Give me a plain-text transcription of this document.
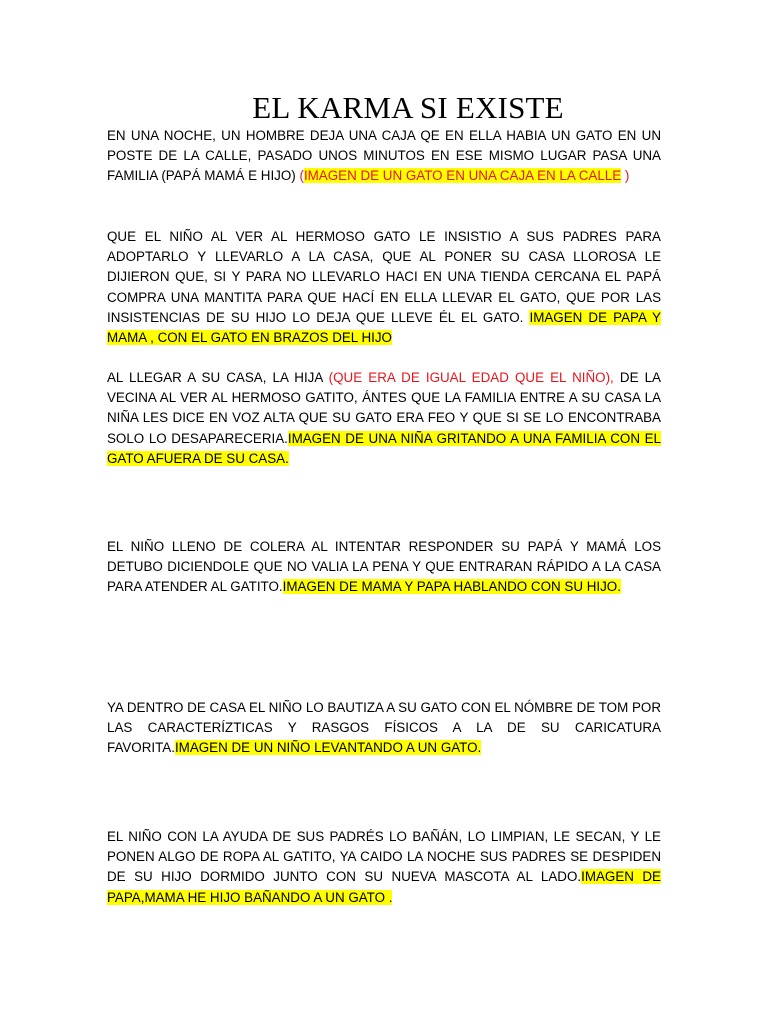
EL KARMA SI EXISTE

EN UNA NOCHE, UN HOMBRE DEJA UNA CAJA QE EN ELLA HABIA UN GATO EN UN POSTE DE LA CALLE, PASADO UNOS MINUTOS EN ESE MISMO LUGAR PASA UNA FAMILIA (PAPÁ MAMÁ E HIJO) (IMAGEN DE UN GATO EN UNA CAJA EN LA CALLE )

QUE EL NIÑO AL VER AL HERMOSO GATO LE INSISTIO A SUS PADRES PARA ADOPTARLO Y LLEVARLO A LA CASA, QUE AL PONER SU CASA LLOROSA LE DIJIERON QUE, SI Y PARA NO LLEVARLO HACI EN UNA TIENDA CERCANA EL PAPÁ COMPRA UNA MANTITA PARA QUE HACÍ EN ELLA LLEVAR EL GATO, QUE POR LAS INSISTENCIAS DE SU HIJO LO DEJA QUE LLEVE ÉL EL GATO. IMAGEN DE PAPA Y MAMA , CON EL GATO EN BRAZOS DEL HIJO

AL LLEGAR A SU CASA, LA HIJA (QUE ERA DE IGUAL EDAD QUE EL NIÑO), DE LA VECINA AL VER AL HERMOSO GATITO, ÁNTES QUE LA FAMILIA ENTRE A SU CASA LA NIÑA LES DICE EN VOZ ALTA QUE SU GATO ERA FEO Y QUE SI SE LO ENCONTRABA SOLO LO DESAPARECERIA.IMAGEN DE UNA NIÑA GRITANDO A UNA FAMILIA CON EL GATO AFUERA DE SU CASA.

EL NIÑO LLENO DE COLERA AL INTENTAR RESPONDER SU PAPÁ Y MAMÁ LOS DETUBO DICIENDOLE QUE NO VALIA LA PENA Y QUE ENTRARAN RÁPIDO A LA CASA PARA ATENDER AL GATITO.IMAGEN DE MAMA Y PAPA HABLANDO CON SU HIJO.

YA DENTRO DE CASA EL NIÑO LO BAUTIZA A SU GATO CON EL NÓMBRE DE TOM POR LAS CARACTERÍZTICAS Y RASGOS FÍSICOS A LA DE SU CARICATURA FAVORITA.IMAGEN DE UN NIÑO LEVANTANDO A UN GATO.

EL NIÑO CON LA AYUDA DE SUS PADRÉS LO BAÑÁN, LO LIMPIAN, LE SECAN, Y LE PONEN ALGO DE ROPA AL GATITO, YA CAIDO LA NOCHE SUS PADRES SE DESPIDEN DE SU HIJO DORMIDO JUNTO CON SU NUEVA MASCOTA AL LADO.IMAGEN DE PAPA,MAMA HE HIJO BAÑANDO A UN GATO .
